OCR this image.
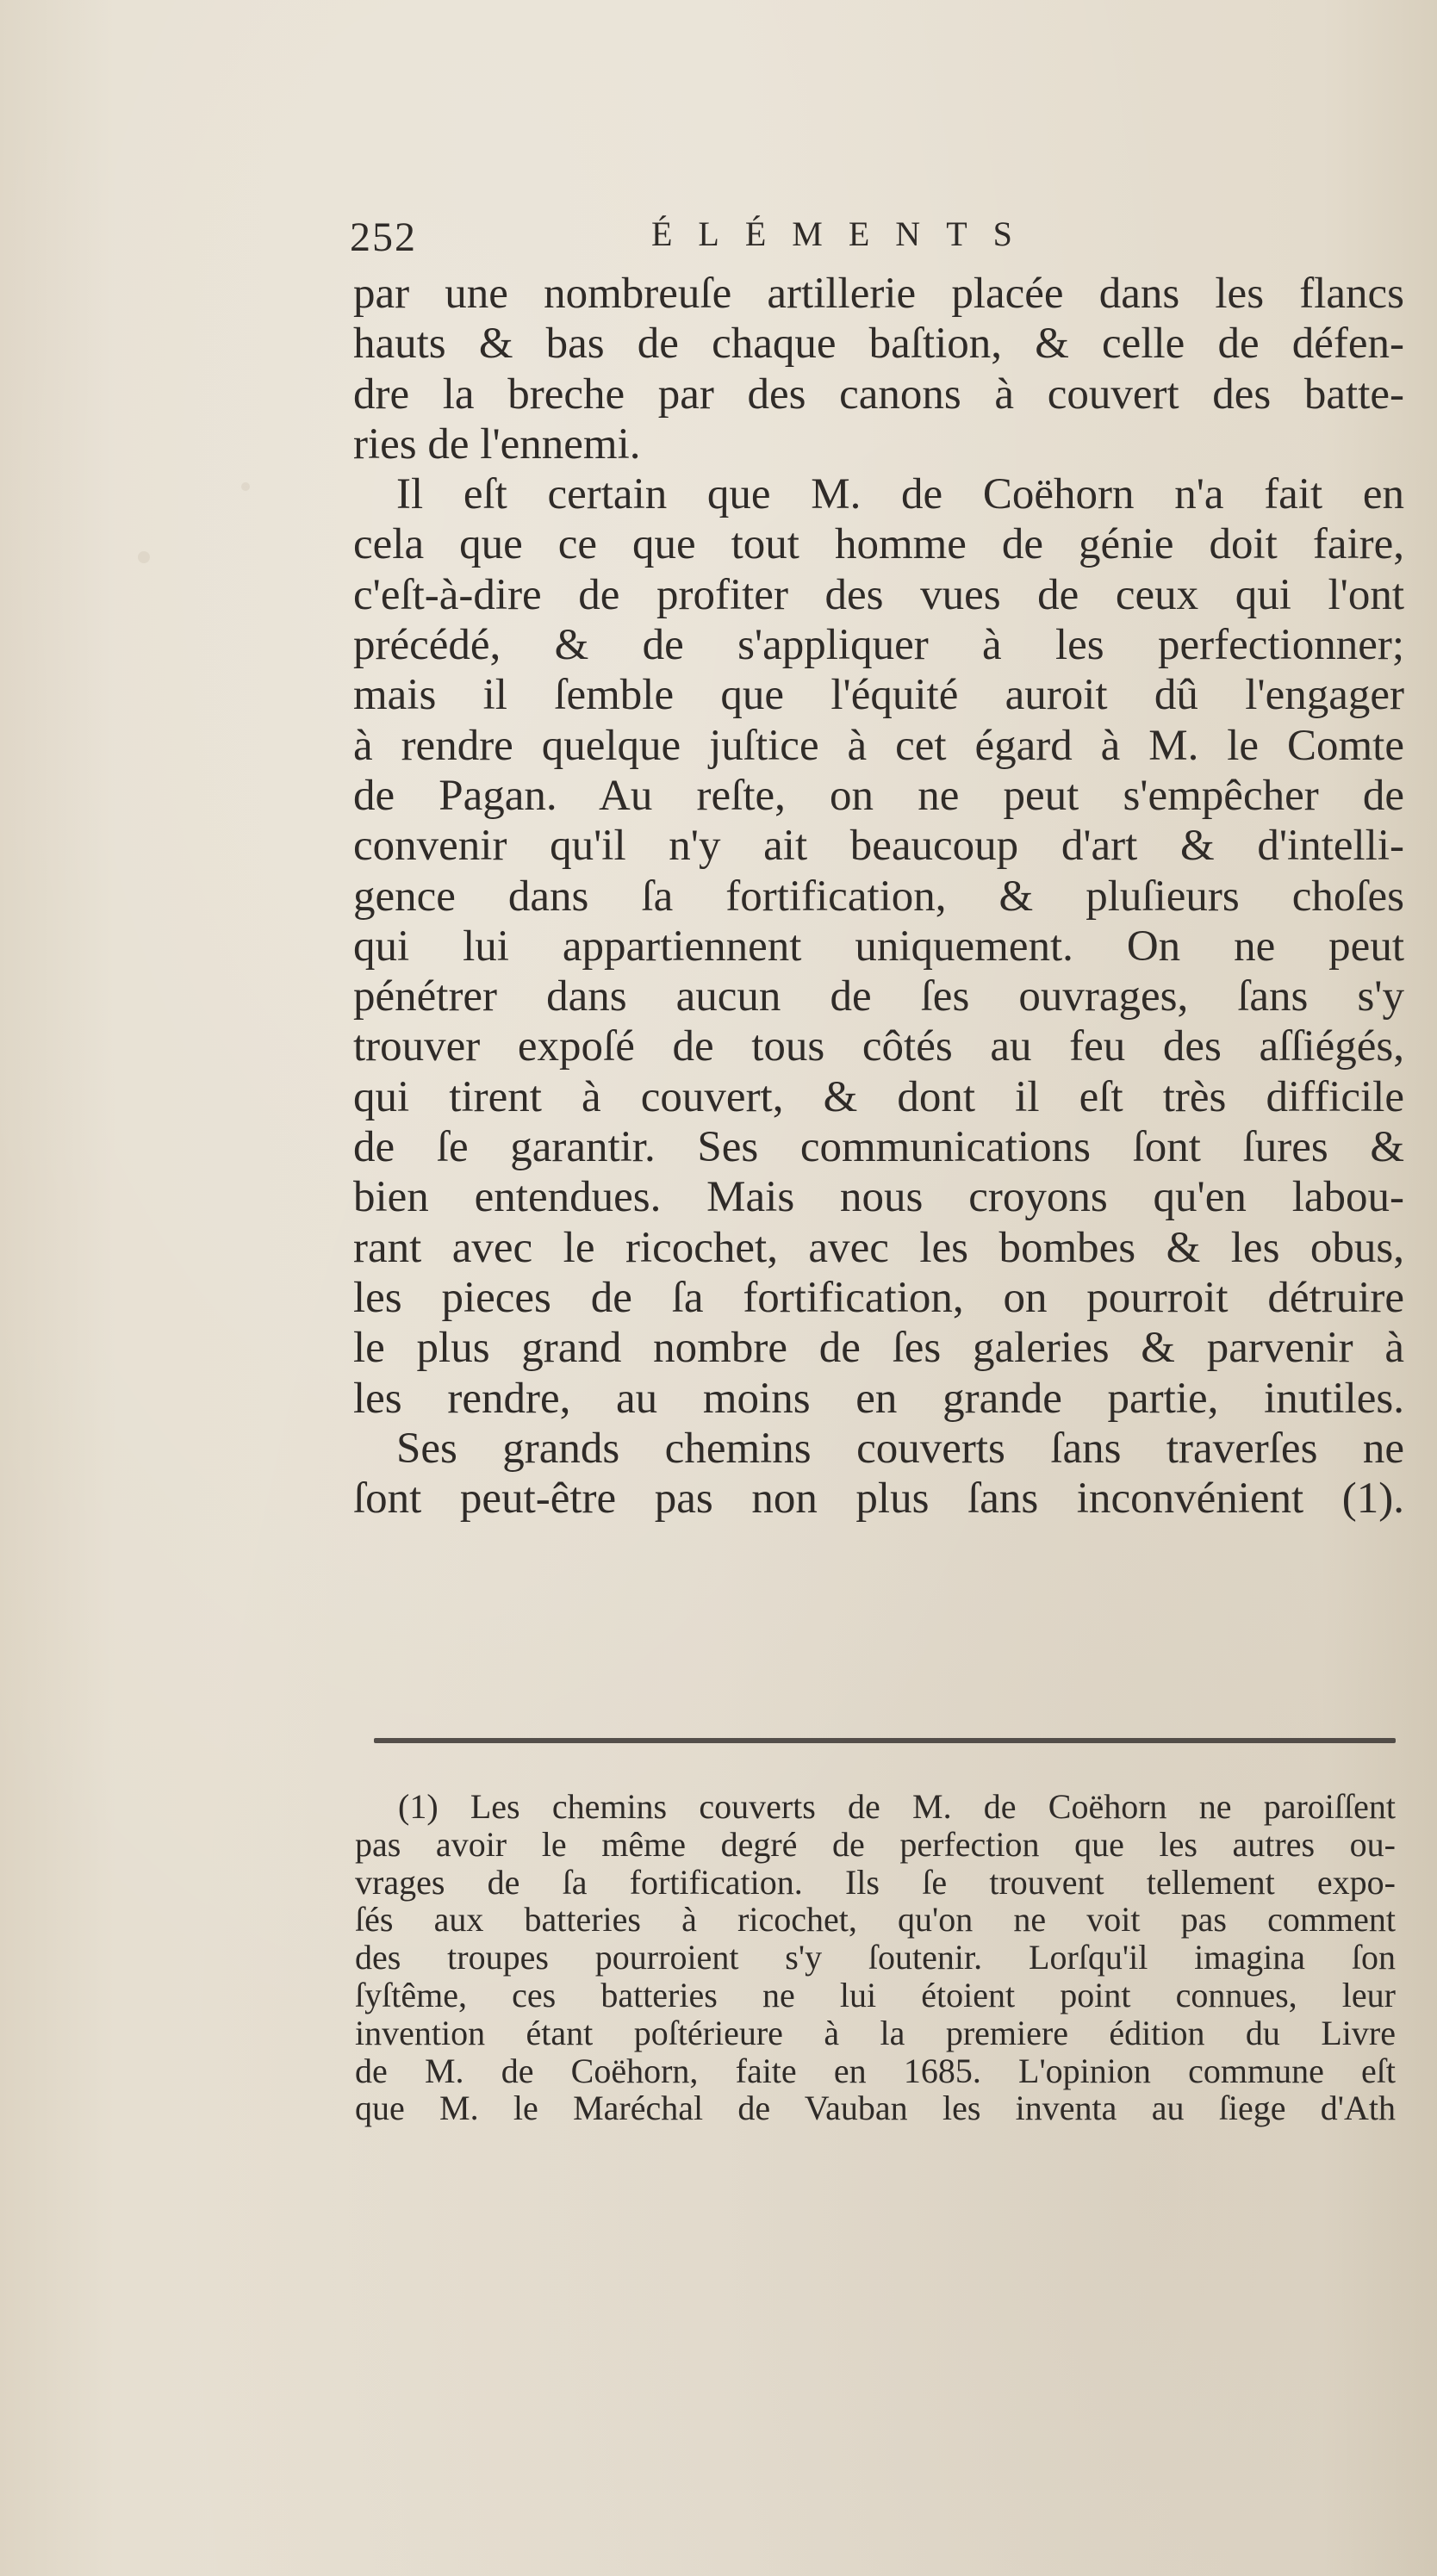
252	ÉLÉMENTS
par une nombreuſe artillerie placée dans les flancs
hauts & bas de chaque baſtion, & celle de défen-
dre la breche par des canons à couvert des batte-
ries de l'ennemi.
Il eſt certain que M. de Coëhorn n'a fait en
cela que ce que tout homme de génie doit faire,
c'eſt-à-dire de profiter des vues de ceux qui l'ont
précédé, & de s'appliquer à les perfectionner;
mais il ſemble que l'équité auroit dû l'engager
à rendre quelque juſtice à cet égard à M. le Comte
de Pagan. Au reſte, on ne peut s'empêcher de
convenir qu'il n'y ait beaucoup d'art & d'intelli-
gence dans ſa fortification, & pluſieurs choſes
qui lui appartiennent uniquement. On ne peut
pénétrer dans aucun de ſes ouvrages, ſans s'y
trouver expoſé de tous côtés au feu des aſſiégés,
qui tirent à couvert, & dont il eſt très difficile
de ſe garantir. Ses communications ſont ſures &
bien entendues. Mais nous croyons qu'en labou-
rant avec le ricochet, avec les bombes & les obus,
les pieces de ſa fortification, on pourroit détruire
le plus grand nombre de ſes galeries & parvenir à
les rendre, au moins en grande partie, inutiles.
Ses grands chemins couverts ſans traverſes ne
ſont peut-être pas non plus ſans inconvénient (1).
(1) Les chemins couverts de M. de Coëhorn ne paroiſſent
pas avoir le même degré de perfection que les autres ou-
vrages de ſa fortification. Ils ſe trouvent tellement expo-
ſés aux batteries à ricochet, qu'on ne voit pas comment
des troupes pourroient s'y ſoutenir. Lorſqu'il imagina ſon
ſyſtême, ces batteries ne lui étoient point connues, leur
invention étant poſtérieure à la premiere édition du Livre
de M. de Coëhorn, faite en 1685. L'opinion commune eſt
que M. le Maréchal de Vauban les inventa au ſiege d'Ath
